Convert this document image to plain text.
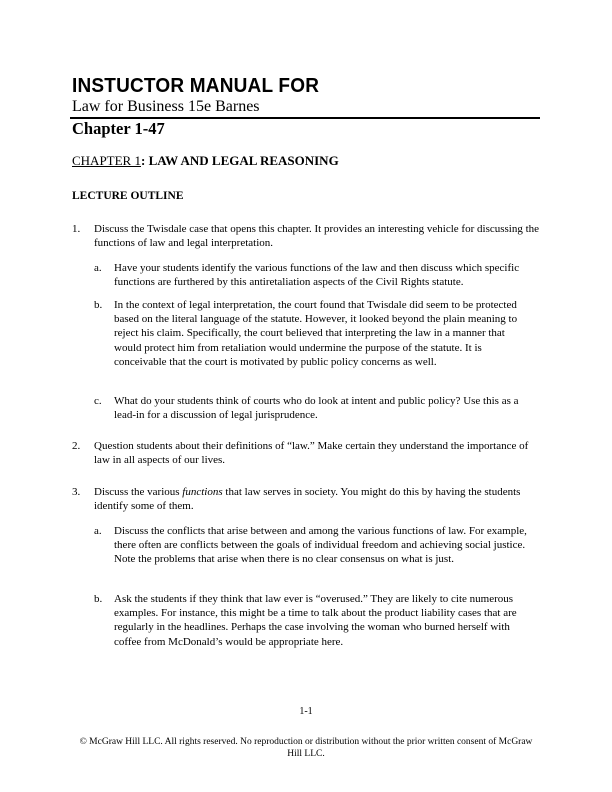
INSTUCTOR MANUAL FOR
Law for Business 15e Barnes
Chapter 1-47
CHAPTER 1: LAW AND LEGAL REASONING
LECTURE OUTLINE
1. Discuss the Twisdale case that opens this chapter. It provides an interesting vehicle for discussing the functions of law and legal interpretation.
a. Have your students identify the various functions of the law and then discuss which specific functions are furthered by this antiretaliation aspects of the Civil Rights statute.
b. In the context of legal interpretation, the court found that Twisdale did seem to be protected based on the literal language of the statute. However, it looked beyond the plain meaning to reject his claim. Specifically, the court believed that interpreting the law in a manner that would protect him from retaliation would undermine the purpose of the statute. It is conceivable that the court is motivated by public policy concerns as well.
c. What do your students think of courts who do look at intent and public policy? Use this as a lead-in for a discussion of legal jurisprudence.
2. Question students about their definitions of “law.” Make certain they understand the importance of law in all aspects of our lives.
3. Discuss the various functions that law serves in society. You might do this by having the students identify some of them.
a. Discuss the conflicts that arise between and among the various functions of law. For example, there often are conflicts between the goals of individual freedom and achieving social justice. Note the problems that arise when there is no clear consensus on what is just.
b. Ask the students if they think that law ever is “overused.” They are likely to cite numerous examples. For instance, this might be a time to talk about the product liability cases that are regularly in the headlines. Perhaps the case involving the woman who burned herself with coffee from McDonald’s would be appropriate here.
1-1
© McGraw Hill LLC. All rights reserved. No reproduction or distribution without the prior written consent of McGraw Hill LLC.
